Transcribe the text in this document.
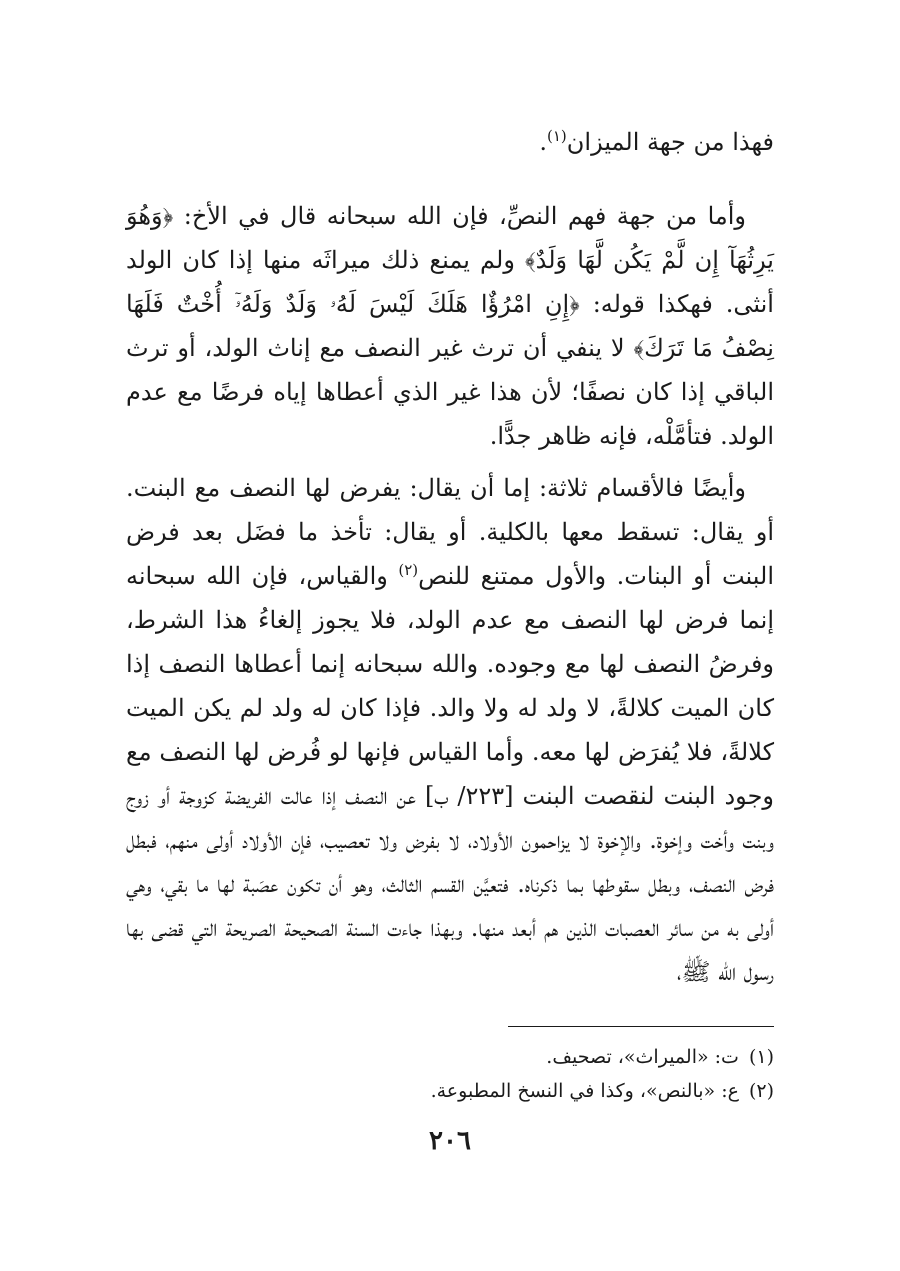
فهذا من جهة الميزان$^{(١)}$.

وأما من جهة فهم النصِّ، فإن الله سبحانه قال في الأخ: ﴿وَهُوَ يَرِثُهَآ إِن لَّمْ يَكُن لَّهَا وَلَدٌ﴾ ولم يمنع ذلك ميراثَه منها إذا كان الولد أنثى. فهكذا قوله: ﴿إِنِ امْرُؤٌا هَلَكَ لَيْسَ لَهُۥ وَلَدٌ وَلَهُۥٓ أُخْتٌ فَلَهَا نِصْفُ مَا تَرَكَ﴾ لا ينفي أن ترث غير النصف مع إناث الولد، أو ترث الباقي إذا كان نصفًا؛ لأن هذا غير الذي أعطاها إياه فرضًا مع عدم الولد. فتأمَّلْه، فإنه ظاهر جدًّا.

وأيضًا فالأقسام ثلاثة: إما أن يقال: يفرض لها النصف مع البنت. أو يقال: تسقط معها بالكلية. أو يقال: تأخذ ما فضَل بعد فرض البنت أو البنات. والأول ممتنع للنص$^{(٢)}$ والقياس، فإن الله سبحانه إنما فرض لها النصف مع عدم الولد، فلا يجوز إلغاءُ هذا الشرط، وفرضُ النصف لها مع وجوده. والله سبحانه إنما أعطاها النصف إذا كان الميت كلالةً، لا ولد له ولا والد. فإذا كان له ولد لم يكن الميت كلالةً، فلا يُفرَض لها معه. وأما القياس فإنها لو فُرض لها النصف مع وجود البنت لنقصت البنت [٢٢٣/ ب] عن النصف إذا عالت الفريضة كزوجة أو زوج وبنت وأخت وإخوة. والإخوة لا يزاحمون الأولاد، لا بفرض ولا تعصيب، فإن الأولاد أولى منهم، فبطل فرض النصف، وبطل سقوطها بما ذكرناه. فتعيَّن القسم الثالث، وهو أن تكون عصَبة لها ما بقي، وهي أولى به من سائر العصبات الذين هم أبعد منها. وبهذا جاءت السنة الصحيحة الصريحة التي قضى بها رسول الله ﷺ،

(١)ت: «الميراث»، تصحيف.

(٢)ع: «بالنص»، وكذا في النسخ المطبوعة.

٢٠٦
